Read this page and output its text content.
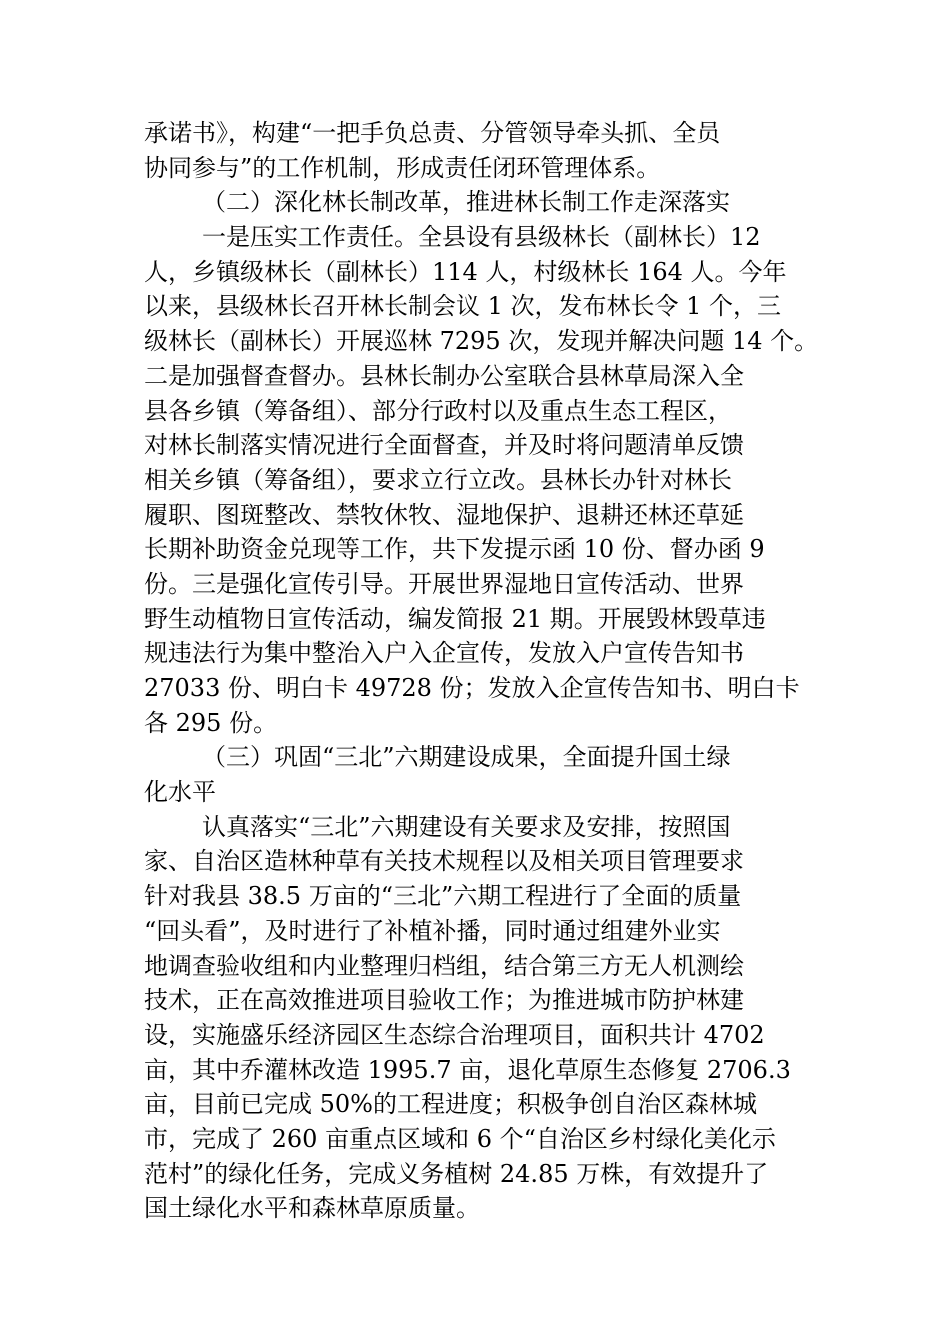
承诺书》，构建“一把手负总责、分管领导牵头抓、全员
协同参与”的工作机制，形成责任闭环管理体系。
（二）深化林长制改革，推进林长制工作走深落实
一是压实工作责任。全县设有县级林长（副林长）12
人，乡镇级林长（副林长）114 人，村级林长 164 人。今年
以来，县级林长召开林长制会议 1 次，发布林长令 1 个，三
级林长（副林长）开展巡林 7295 次，发现并解决问题 14 个。
二是加强督查督办。县林长制办公室联合县林草局深入全
县各乡镇（筹备组）、部分行政村以及重点生态工程区，
对林长制落实情况进行全面督查，并及时将问题清单反馈
相关乡镇（筹备组），要求立行立改。县林长办针对林长
履职、图斑整改、禁牧休牧、湿地保护、退耕还林还草延
长期补助资金兑现等工作，共下发提示函 10 份、督办函 9
份。三是强化宣传引导。开展世界湿地日宣传活动、世界
野生动植物日宣传活动，编发简报 21 期。开展毁林毁草违
规违法行为集中整治入户入企宣传，发放入户宣传告知书
27033 份、明白卡 49728 份；发放入企宣传告知书、明白卡
各 295 份。
（三）巩固“三北”六期建设成果，全面提升国土绿
化水平
认真落实“三北”六期建设有关要求及安排，按照国
家、自治区造林种草有关技术规程以及相关项目管理要求
针对我县 38.5 万亩的“三北”六期工程进行了全面的质量
“回头看”，及时进行了补植补播，同时通过组建外业实
地调查验收组和内业整理归档组，结合第三方无人机测绘
技术，正在高效推进项目验收工作；为推进城市防护林建
设，实施盛乐经济园区生态综合治理项目，面积共计 4702
亩，其中乔灌林改造 1995.7 亩，退化草原生态修复 2706.3
亩，目前已完成 50%的工程进度；积极争创自治区森林城
市，完成了 260 亩重点区域和 6 个“自治区乡村绿化美化示
范村”的绿化任务，完成义务植树 24.85 万株，有效提升了
国土绿化水平和森林草原质量。
